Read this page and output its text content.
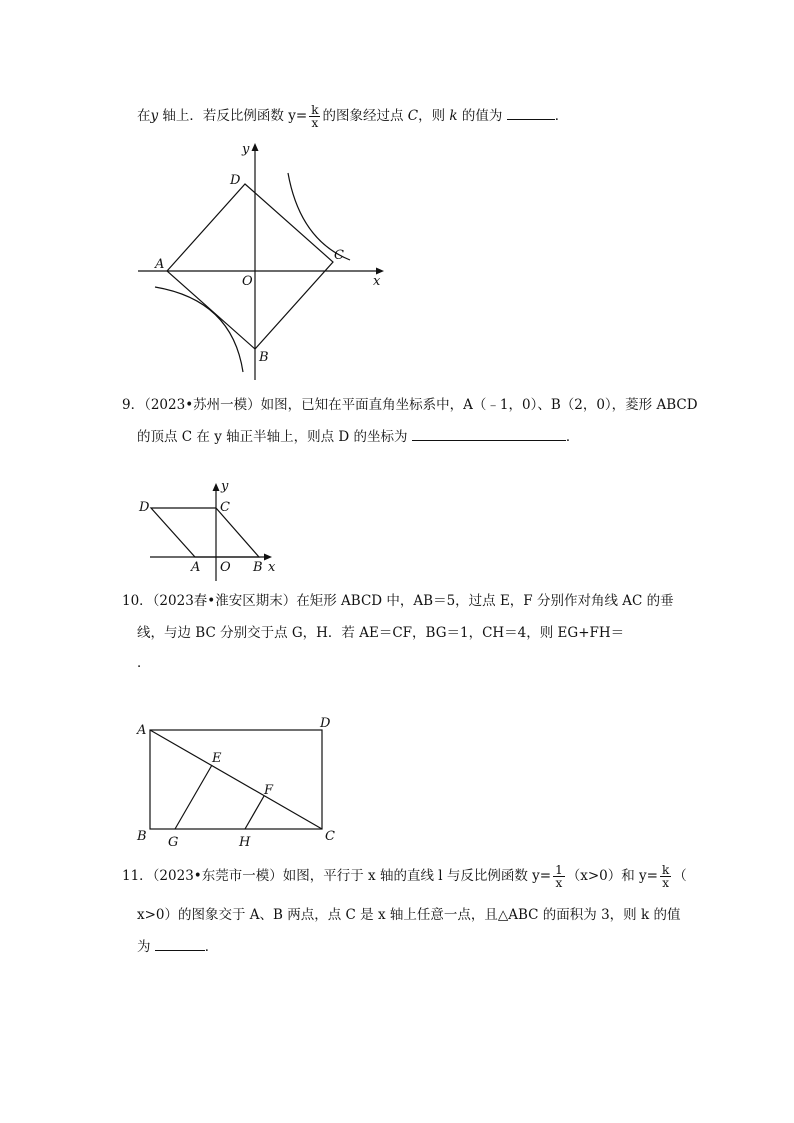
在y 轴上．若反比例函数 $y= \frac{k}{x}$ 的图象经过点 C，则 k 的值为	．
y
D
A
C
O	x
B
9．（2023•苏州一模）如图，已知在平面直角坐标系中，A（﹣1，0）、B（2，0），菱形 ABCD
的顶点 C 在 y 轴正半轴上，则点 D 的坐标为	．
y
D	C
A O B x
10．（2023春•淮安区期末）在矩形 ABCD 中，AB＝5，过点 E，F 分别作对角线 AC 的垂
线，与边 BC 分别交于点 G，H．若 AE＝CF，BG＝1，CH＝4，则 EG+FH＝
．
A	D
E
F
B G	H	C
11．（2023•东莞市一模）如图，平行于 x 轴的直线 l 与反比例函数 $y= \frac{1}{x} (x>0)$和 $y= \frac{k}{x}$ （
x>0）的图象交于 A、B 两点，点 C 是 x 轴上任意一点，且△ABC 的面积为 3，则 k 的值
为	．
